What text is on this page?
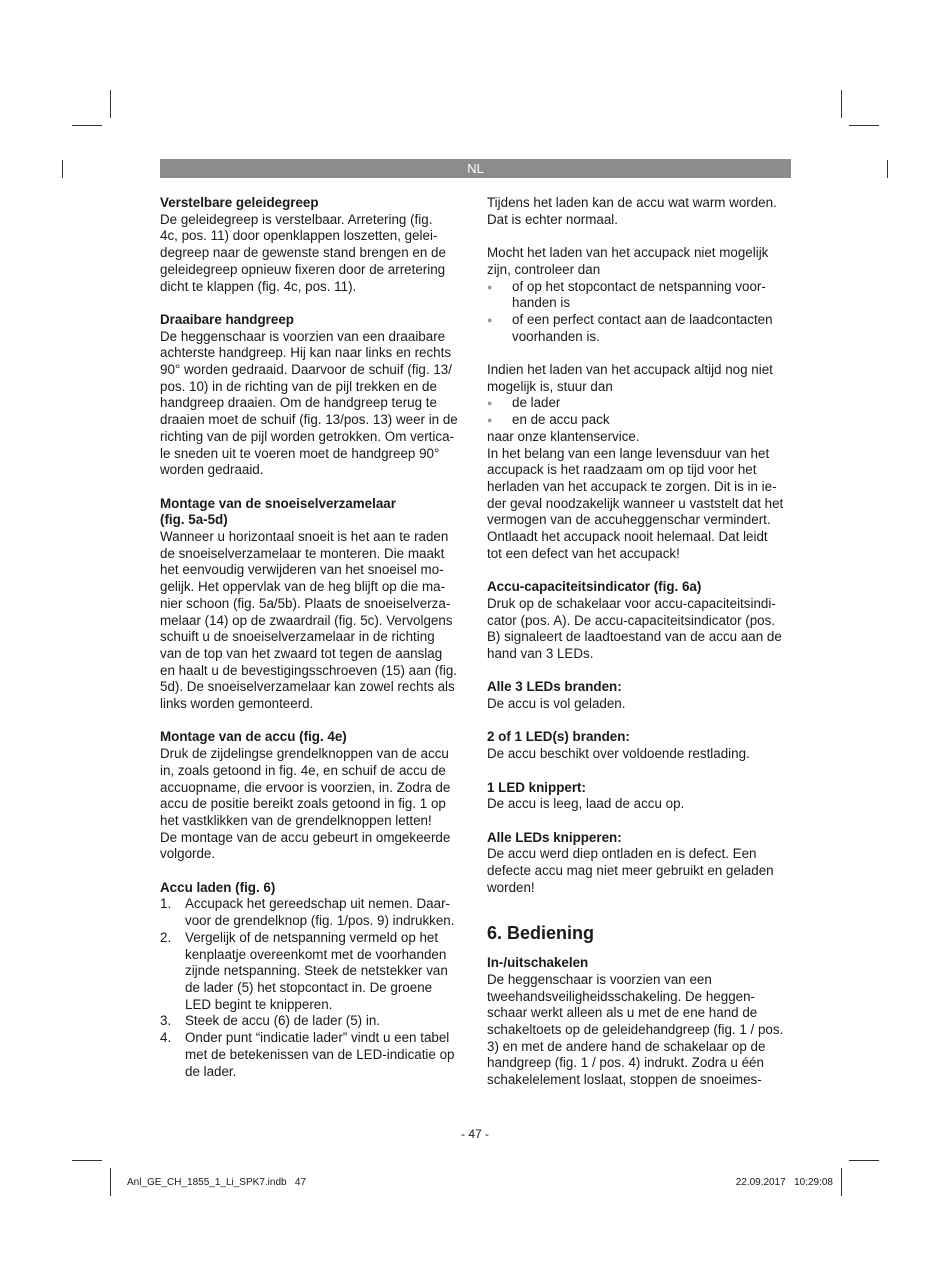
NL

Verstelbare geleidegreep

De geleidegreep is verstelbaar. Arretering (fig.

4c, pos. 11) door openklappen loszetten, gelei-

degreep naar de gewenste stand brengen en de

geleidegreep opnieuw fixeren door de arretering

dicht te klappen (fig. 4c, pos. 11).

Draaibare handgreep

De heggenschaar is voorzien van een draaibare

achterste handgreep. Hij kan naar links en rechts

90° worden gedraaid. Daarvoor de schuif (fig. 13/

pos. 10) in de richting van de pijl trekken en de

handgreep draaien. Om de handgreep terug te

draaien moet de schuif (fig. 13/pos. 13) weer in de

richting van de pijl worden getrokken. Om vertica-

le sneden uit te voeren moet de handgreep 90°

worden gedraaid.

Montage van de snoeiselverzamelaar

(fig. 5a-5d)

Wanneer u horizontaal snoeit is het aan te raden

de snoeiselverzamelaar te monteren. Die maakt

het eenvoudig verwijderen van het snoeisel mo-

gelijk. Het oppervlak van de heg blijft op die ma-

nier schoon (fig. 5a/5b). Plaats de snoeiselverza-

melaar (14) op de zwaardrail (fig. 5c). Vervolgens

schuift u de snoeiselverzamelaar in de richting

van de top van het zwaard tot tegen de aanslag

en haalt u de bevestigingsschroeven (15) aan (fig.

5d). De snoeiselverzamelaar kan zowel rechts als

links worden gemonteerd.

Montage van de accu (fig. 4e)

Druk de zijdelingse grendelknoppen van de accu

in, zoals getoond in fig. 4e, en schuif de accu de

accuopname, die ervoor is voorzien, in. Zodra de

accu de positie bereikt zoals getoond in fig. 1 op

het vastklikken van de grendelknoppen letten!

De montage van de accu gebeurt in omgekeerde

volgorde.

Accu laden (fig. 6)

1.	Accupack het gereedschap uit nemen. Daar-

voor de grendelknop (fig. 1/pos. 9) indrukken.

2.	Vergelijk of de netspanning vermeld op het

kenplaatje overeenkomt met de voorhanden

zijnde netspanning. Steek de netstekker van

de lader (5) het stopcontact in. De groene

LED begint te knipperen.

3.	Steek de accu (6) de lader (5) in.

4.	Onder punt “indicatie lader” vindt u een tabel

met de betekenissen van de LED-indicatie op

de lader.

Tijdens het laden kan de accu wat warm worden.

Dat is echter normaal.

Mocht het laden van het accupack niet mogelijk

zijn, controleer dan

●	of op het stopcontact de netspanning voor-

handen is

●	of een perfect contact aan de laadcontacten

voorhanden is.

Indien het laden van het accupack altijd nog niet

mogelijk is, stuur dan

●	de lader

●	en de accu pack

naar onze klantenservice.

In het belang van een lange levensduur van het

accupack is het raadzaam om op tijd voor het

herladen van het accupack te zorgen. Dit is in ie-

der geval noodzakelijk wanneer u vaststelt dat het

vermogen van de accuheggenschar vermindert.

Ontlaadt het accupack nooit helemaal. Dat leidt

tot een defect van het accupack!

Accu-capaciteitsindicator (fig. 6a)

Druk op de schakelaar voor accu-capaciteitsindi-

cator (pos. A). De accu-capaciteitsindicator (pos.

B) signaleert de laadtoestand van de accu aan de

hand van 3 LEDs.

Alle 3 LEDs branden:

De accu is vol geladen.

2 of 1 LED(s) branden:

De accu beschikt over voldoende restlading.

1 LED knippert:

De accu is leeg, laad de accu op.

Alle LEDs knipperen:

De accu werd diep ontladen en is defect. Een

defecte accu mag niet meer gebruikt en geladen

worden!

6. Bediening

In-/uitschakelen

De heggenschaar is voorzien van een

tweehandsveiligheidsschakeling. De heggen-

schaar werkt alleen als u met de ene hand de

schakeltoets op de geleidehandgreep (fig. 1 / pos.

3) en met de andere hand de schakelaar op de

handgreep (fig. 1 / pos. 4) indrukt. Zodra u één

schakelelement loslaat, stoppen de snoeimes-

- 47 -
Anl_GE_CH_1855_1_Li_SPK7.indb   47	22.09.2017   10:29:08
